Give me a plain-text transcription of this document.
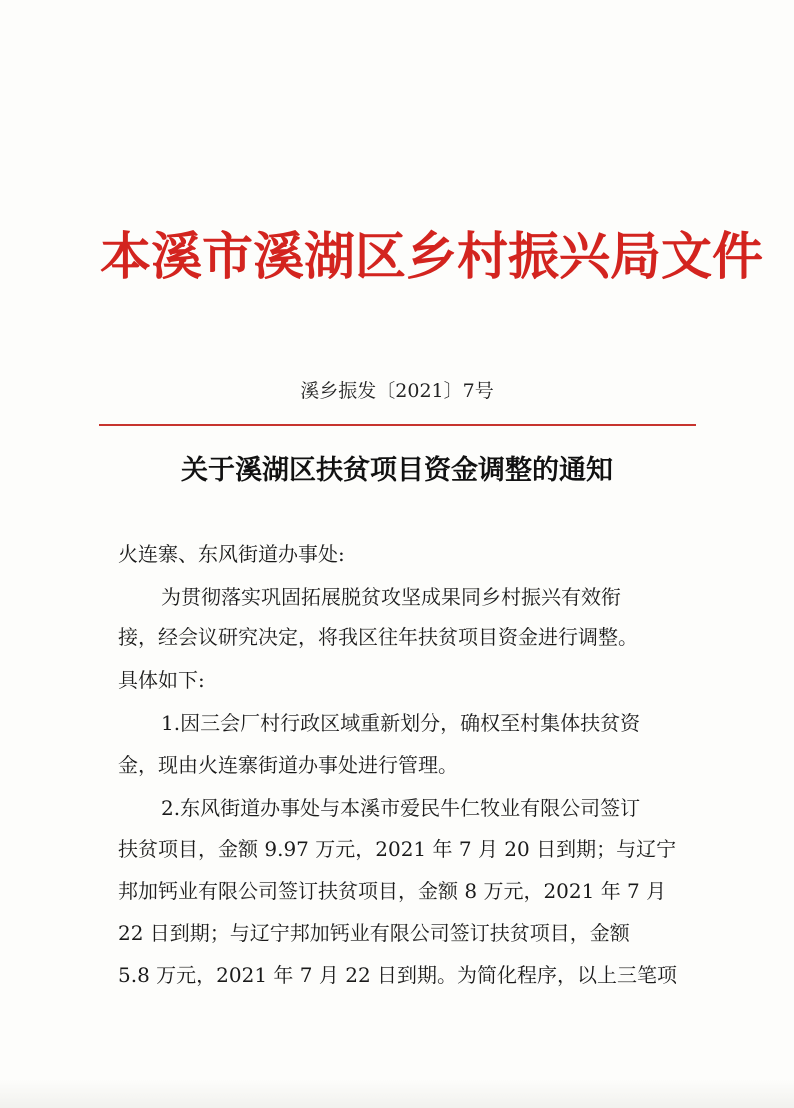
本溪市溪湖区乡村振兴局文件
溪乡振发〔2021〕7号
关于溪湖区扶贫项目资金调整的通知
火连寨、东风街道办事处:
为贯彻落实巩固拓展脱贫攻坚成果同乡村振兴有效衔
接，经会议研究决定，将我区往年扶贫项目资金进行调整。
具体如下:
1.因三会厂村行政区域重新划分，确权至村集体扶贫资
金，现由火连寨街道办事处进行管理。
2.东风街道办事处与本溪市爱民牛仁牧业有限公司签订
扶贫项目，金额 9.97 万元，2021 年 7 月 20 日到期；与辽宁
邦加钙业有限公司签订扶贫项目，金额 8 万元，2021 年 7 月
22 日到期；与辽宁邦加钙业有限公司签订扶贫项目，金额
5.8 万元，2021 年 7 月 22 日到期。为简化程序，以上三笔项
